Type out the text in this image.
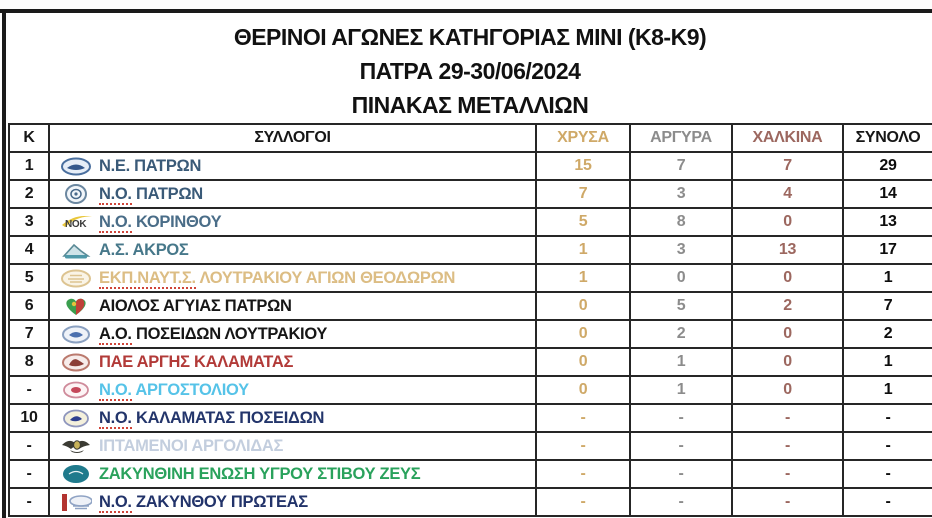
ΘΕΡΙΝΟΙ ΑΓΩΝΕΣ ΚΑΤΗΓΟΡΙΑΣ ΜΙΝΙ (Κ8-Κ9)
ΠΑΤΡΑ 29-30/06/2024
ΠΙΝΑΚΑΣ ΜΕΤΑΛΛΙΩΝ
Κ	ΣΥΛΛΟΓΟΙ	ΧΡΥΣΑ	ΑΡΓΥΡΑ	ΧΑΛΚΙΝΑ	ΣΥΝΟΛΟ
1	Ν.Ε. ΠΑΤΡΩΝ	15	7	7	29
2	Ν.Ο. ΠΑΤΡΩΝ	7	3	4	14
3	ΝΟΚ Ν.Ο. ΚΟΡΙΝΘΟΥ	5	8	0	13
4	Α.Σ. ΑΚΡΟΣ	1	3	13	17
5	ΕΚΠ.ΝΑΥΤ.Σ. ΛΟΥΤΡΑΚΙΟΥ ΑΓΙΩΝ ΘΕΟΔΩΡΩΝ	1	0	0	1
6	ΑΙΟΛΟΣ ΑΓΥΙΑΣ ΠΑΤΡΩΝ	0	5	2	7
7	Α.Ο. ΠΟΣΕΙΔΩΝ ΛΟΥΤΡΑΚΙΟΥ	0	2	0	2
8	ΠΑΕ ΑΡΓΗΣ ΚΑΛΑΜΑΤΑΣ	0	1	0	1
-	Ν.Ο. ΑΡΓΟΣΤΟΛΙΟΥ	0	1	0	1
10	Ν.Ο. ΚΑΛΑΜΑΤΑΣ ΠΟΣΕΙΔΩΝ	-	-	-	-
-	ΙΠΤΑΜΕΝΟΙ ΑΡΓΟΛΙΔΑΣ	-	-	-	-
-	ΖΑΚΥΝΘΙΝΗ ΕΝΩΣΗ ΥΓΡΟΥ ΣΤΙΒΟΥ ΖΕΥΣ	-	-	-	-
-	Ν.Ο. ΖΑΚΥΝΘΟΥ ΠΡΩΤΕΑΣ	-	-	-	-
